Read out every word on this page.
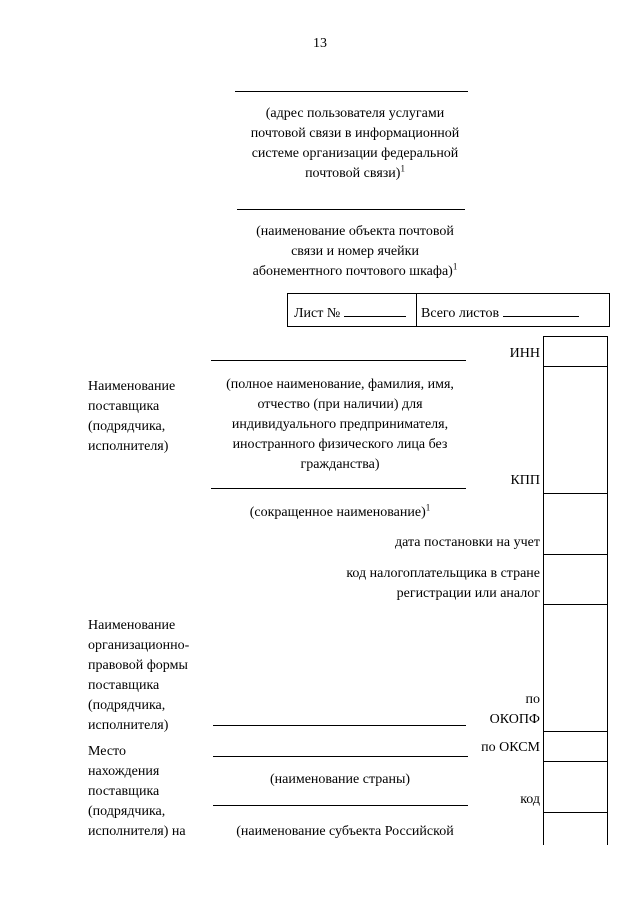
13
(адрес пользователя услугами
почтовой связи в информационной
системе организации федеральной
почтовой связи)$^1$
(наименование объекта почтовой
связи и номер ячейки
абонементного почтового шкафа)$^1$
Лист №	Всего листов
ИНН
Наименование
поставщика
(подрядчика,
исполнителя)
(полное наименование, фамилия, имя,
отчество (при наличии) для
индивидуального предпринимателя,
иностранного физического лица без
гражданства)
КПП
(сокращенное наименование)$^1$
дата постановки на учет
код налогоплательщика в стране
регистрации или аналог
Наименование
организационно-
правовой формы
поставщика
(подрядчика,
исполнителя)
по
ОКОПФ
Место
нахождения
поставщика
(подрядчика,
исполнителя) на
по ОКСМ
(наименование страны)
код
(наименование субъекта Российской
